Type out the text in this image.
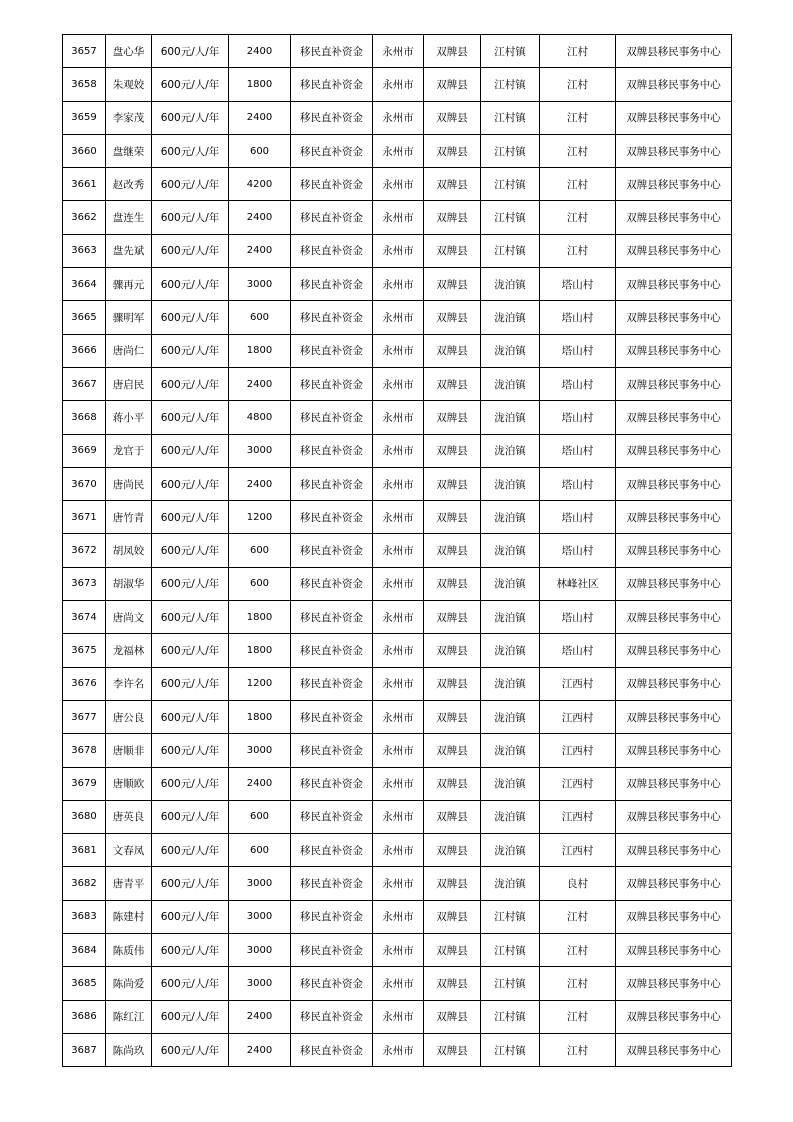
3657	盘心华	600元/人/年	2400	移民直补资金	永州市	双牌县	江村镇	江村	双牌县移民事务中心
3658	朱观姣	600元/人/年	1800	移民直补资金	永州市	双牌县	江村镇	江村	双牌县移民事务中心
3659	李家茂	600元/人/年	2400	移民直补资金	永州市	双牌县	江村镇	江村	双牌县移民事务中心
3660	盘继荣	600元/人/年	600	移民直补资金	永州市	双牌县	江村镇	江村	双牌县移民事务中心
3661	赵改秀	600元/人/年	4200	移民直补资金	永州市	双牌县	江村镇	江村	双牌县移民事务中心
3662	盘连生	600元/人/年	2400	移民直补资金	永州市	双牌县	江村镇	江村	双牌县移民事务中心
3663	盘先斌	600元/人/年	2400	移民直补资金	永州市	双牌县	江村镇	江村	双牌县移民事务中心
3664	骤再元	600元/人/年	3000	移民直补资金	永州市	双牌县	泷泊镇	塔山村	双牌县移民事务中心
3665	骤明军	600元/人/年	600	移民直补资金	永州市	双牌县	泷泊镇	塔山村	双牌县移民事务中心
3666	唐尚仁	600元/人/年	1800	移民直补资金	永州市	双牌县	泷泊镇	塔山村	双牌县移民事务中心
3667	唐启民	600元/人/年	2400	移民直补资金	永州市	双牌县	泷泊镇	塔山村	双牌县移民事务中心
3668	蒋小平	600元/人/年	4800	移民直补资金	永州市	双牌县	泷泊镇	塔山村	双牌县移民事务中心
3669	龙官于	600元/人/年	3000	移民直补资金	永州市	双牌县	泷泊镇	塔山村	双牌县移民事务中心
3670	唐尚民	600元/人/年	2400	移民直补资金	永州市	双牌县	泷泊镇	塔山村	双牌县移民事务中心
3671	唐竹青	600元/人/年	1200	移民直补资金	永州市	双牌县	泷泊镇	塔山村	双牌县移民事务中心
3672	胡凤姣	600元/人/年	600	移民直补资金	永州市	双牌县	泷泊镇	塔山村	双牌县移民事务中心
3673	胡淑华	600元/人/年	600	移民直补资金	永州市	双牌县	泷泊镇	林峰社区	双牌县移民事务中心
3674	唐尚文	600元/人/年	1800	移民直补资金	永州市	双牌县	泷泊镇	塔山村	双牌县移民事务中心
3675	龙福林	600元/人/年	1800	移民直补资金	永州市	双牌县	泷泊镇	塔山村	双牌县移民事务中心
3676	李许名	600元/人/年	1200	移民直补资金	永州市	双牌县	泷泊镇	江西村	双牌县移民事务中心
3677	唐公良	600元/人/年	1800	移民直补资金	永州市	双牌县	泷泊镇	江西村	双牌县移民事务中心
3678	唐顺非	600元/人/年	3000	移民直补资金	永州市	双牌县	泷泊镇	江西村	双牌县移民事务中心
3679	唐顺欧	600元/人/年	2400	移民直补资金	永州市	双牌县	泷泊镇	江西村	双牌县移民事务中心
3680	唐英良	600元/人/年	600	移民直补资金	永州市	双牌县	泷泊镇	江西村	双牌县移民事务中心
3681	文春凤	600元/人/年	600	移民直补资金	永州市	双牌县	泷泊镇	江西村	双牌县移民事务中心
3682	唐青平	600元/人/年	3000	移民直补资金	永州市	双牌县	泷泊镇	良村	双牌县移民事务中心
3683	陈建村	600元/人/年	3000	移民直补资金	永州市	双牌县	江村镇	江村	双牌县移民事务中心
3684	陈质伟	600元/人/年	3000	移民直补资金	永州市	双牌县	江村镇	江村	双牌县移民事务中心
3685	陈尚爱	600元/人/年	3000	移民直补资金	永州市	双牌县	江村镇	江村	双牌县移民事务中心
3686	陈红江	600元/人/年	2400	移民直补资金	永州市	双牌县	江村镇	江村	双牌县移民事务中心
3687	陈尚玖	600元/人/年	2400	移民直补资金	永州市	双牌县	江村镇	江村	双牌县移民事务中心
